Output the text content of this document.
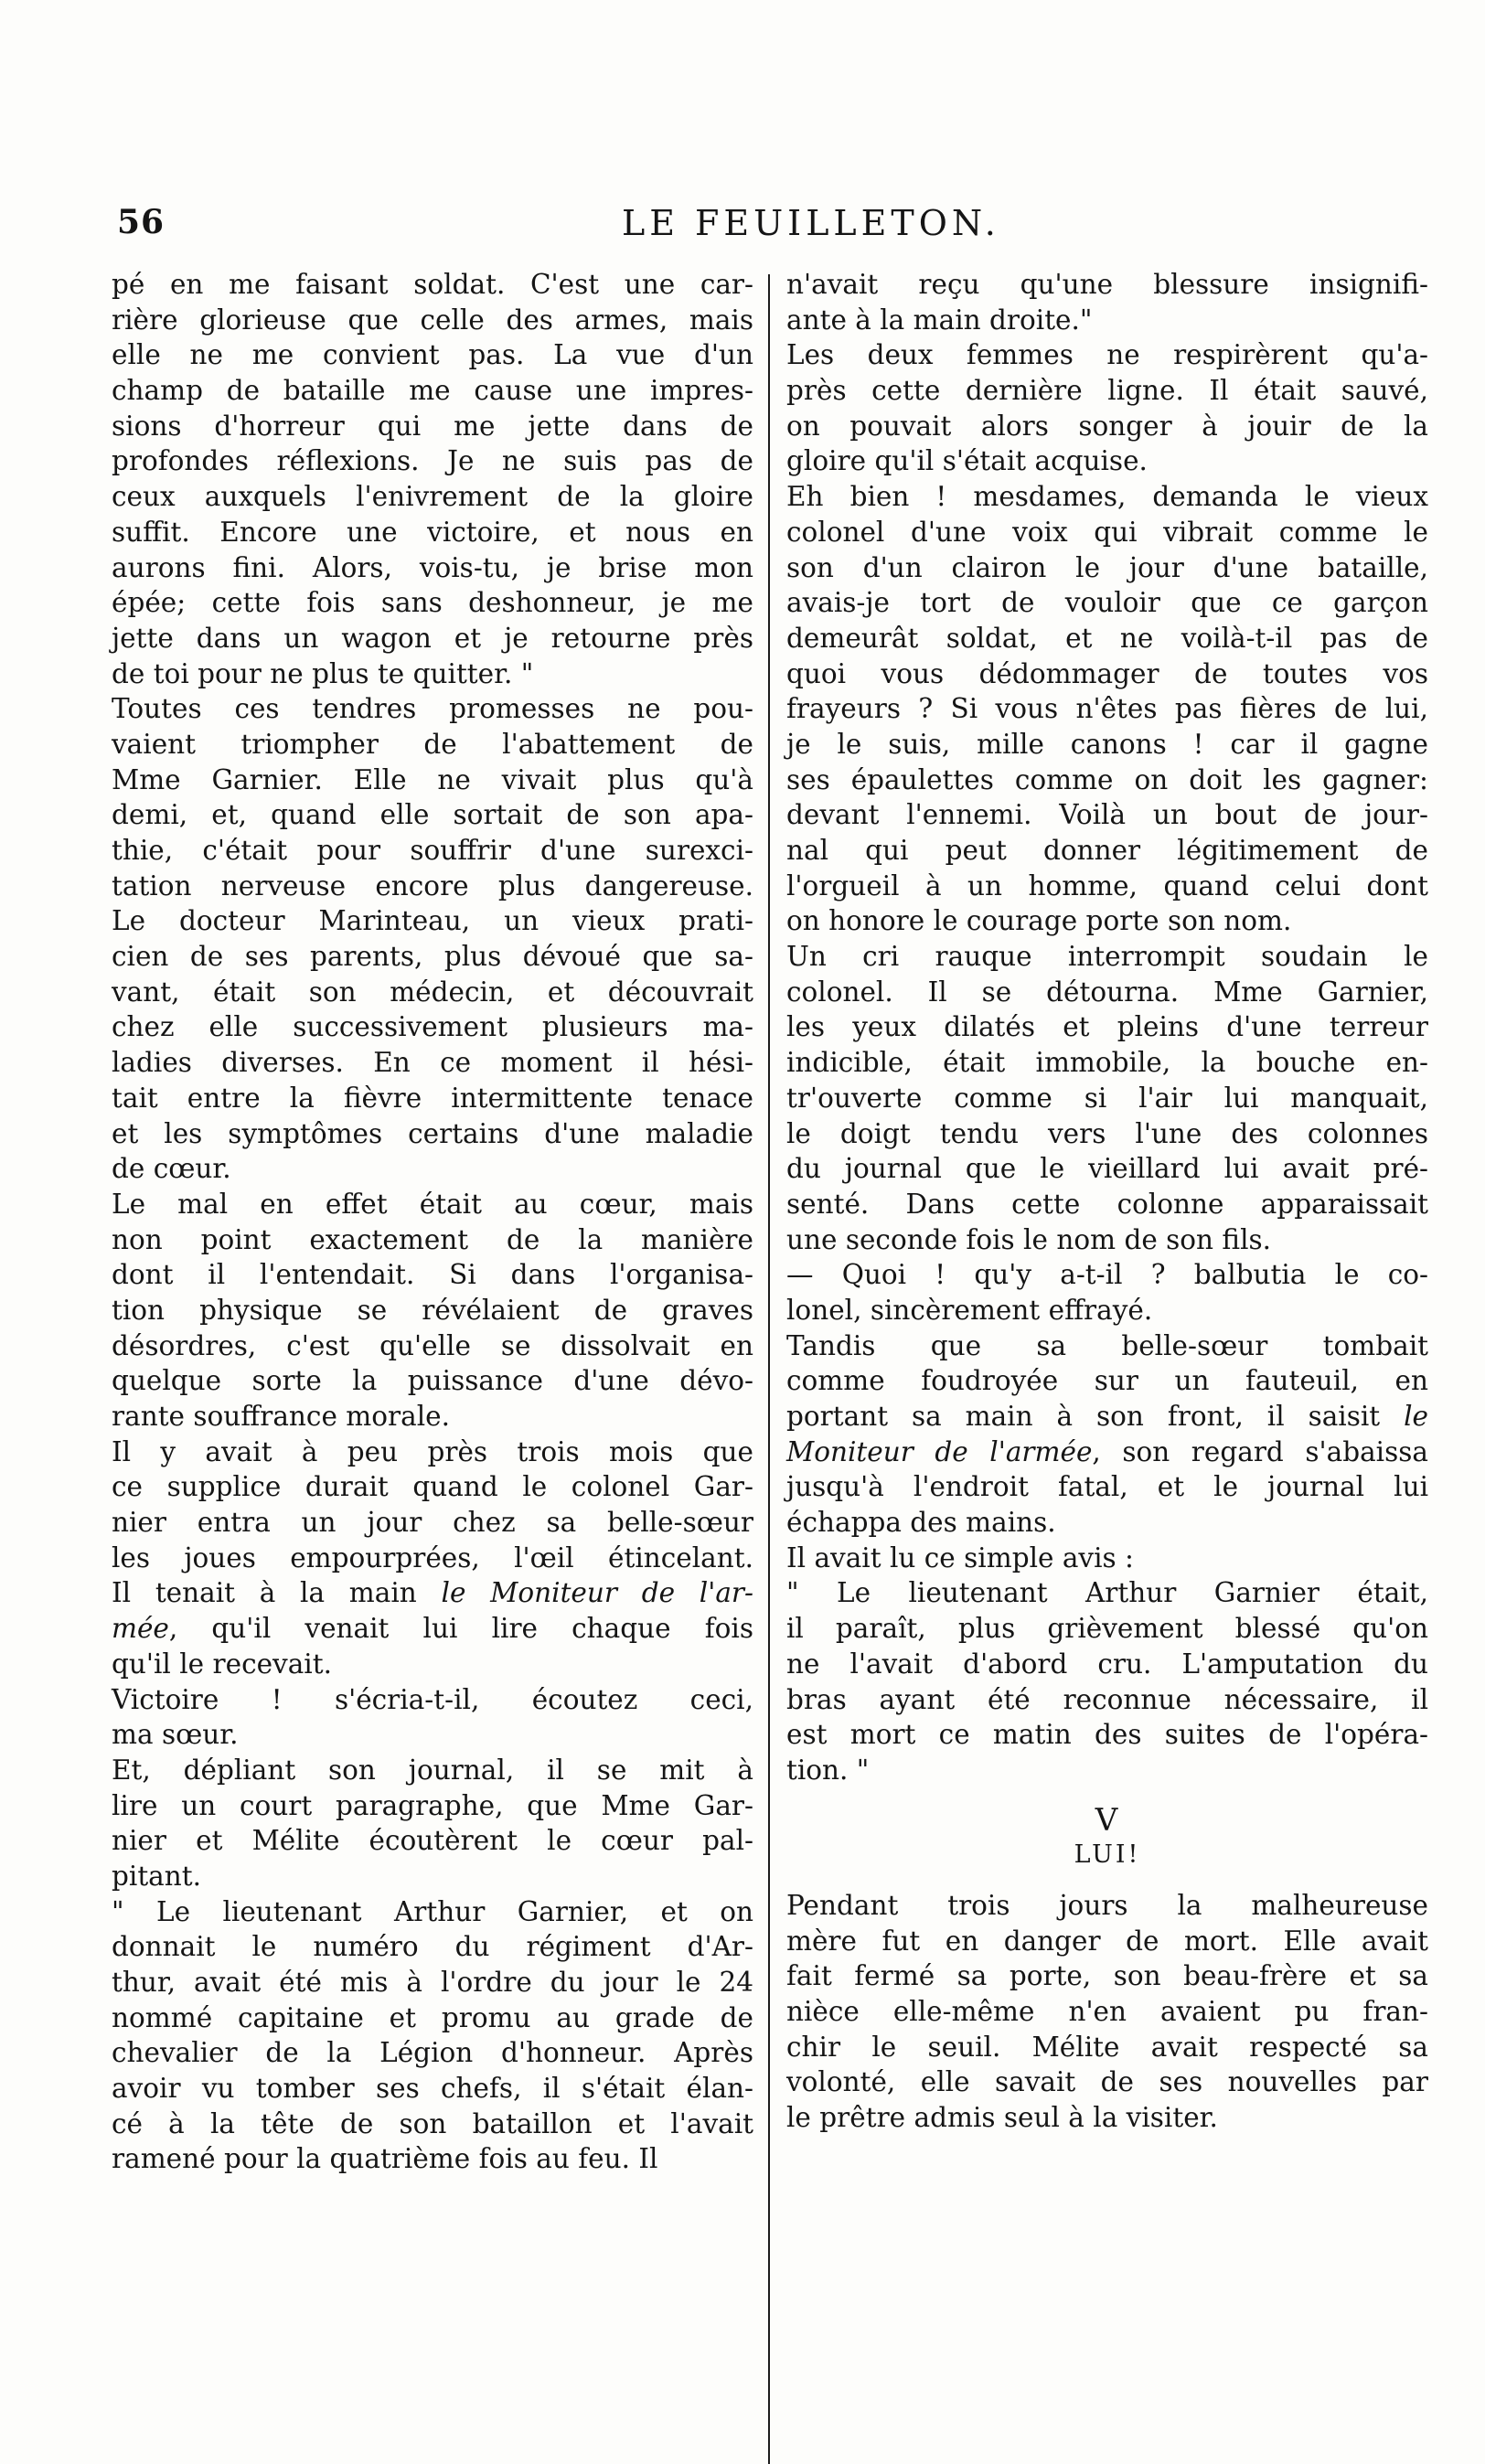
56	LE FEUILLETON.
pé en me faisant soldat. C'est une car-
rière glorieuse que celle des armes, mais
elle ne me convient pas. La vue d'un
champ de bataille me cause une impres-
sions d'horreur qui me jette dans de
profondes réflexions. Je ne suis pas de
ceux auxquels l'enivrement de la gloire
suffit. Encore une victoire, et nous en
aurons fini. Alors, vois-tu, je brise mon
épée; cette fois sans deshonneur, je me
jette dans un wagon et je retourne près
de toi pour ne plus te quitter. "
Toutes ces tendres promesses ne pou-
vaient triompher de l'abattement de
Mme Garnier. Elle ne vivait plus qu'à
demi, et, quand elle sortait de son apa-
thie, c'était pour souffrir d'une surexci-
tation nerveuse encore plus dangereuse.
Le docteur Marinteau, un vieux prati-
cien de ses parents, plus dévoué que sa-
vant, était son médecin, et découvrait
chez elle successivement plusieurs ma-
ladies diverses. En ce moment il hési-
tait entre la fièvre intermittente tenace
et les symptômes certains d'une maladie
de cœur.
Le mal en effet était au cœur, mais
non point exactement de la manière
dont il l'entendait. Si dans l'organisa-
tion physique se révélaient de graves
désordres, c'est qu'elle se dissolvait en
quelque sorte la puissance d'une dévo-
rante souffrance morale.
Il y avait à peu près trois mois que
ce supplice durait quand le colonel Gar-
nier entra un jour chez sa belle-sœur
les joues empourprées, l'œil étincelant.
Il tenait à la main le Moniteur de l'ar-
mée, qu'il venait lui lire chaque fois
qu'il le recevait.
Victoire ! s'écria-t-il, écoutez ceci,
ma sœur.
Et, dépliant son journal, il se mit à
lire un court paragraphe, que Mme Gar-
nier et Mélite écoutèrent le cœur pal-
pitant.
" Le lieutenant Arthur Garnier, et on
donnait le numéro du régiment d'Ar-
thur, avait été mis à l'ordre du jour le 24
nommé capitaine et promu au grade de
chevalier de la Légion d'honneur. Après
avoir vu tomber ses chefs, il s'était élan-
cé à la tête de son bataillon et l'avait
ramené pour la quatrième fois au feu. Il
n'avait reçu qu'une blessure insignifi-
ante à la main droite."
Les deux femmes ne respirèrent qu'a-
près cette dernière ligne. Il était sauvé,
on pouvait alors songer à jouir de la
gloire qu'il s'était acquise.
Eh bien ! mesdames, demanda le vieux
colonel d'une voix qui vibrait comme le
son d'un clairon le jour d'une bataille,
avais-je tort de vouloir que ce garçon
demeurât soldat, et ne voilà-t-il pas de
quoi vous dédommager de toutes vos
frayeurs ? Si vous n'êtes pas fières de lui,
je le suis, mille canons ! car il gagne
ses épaulettes comme on doit les gagner:
devant l'ennemi. Voilà un bout de jour-
nal qui peut donner légitimement de
l'orgueil à un homme, quand celui dont
on honore le courage porte son nom.
Un cri rauque interrompit soudain le
colonel. Il se détourna. Mme Garnier,
les yeux dilatés et pleins d'une terreur
indicible, était immobile, la bouche en-
tr'ouverte comme si l'air lui manquait,
le doigt tendu vers l'une des colonnes
du journal que le vieillard lui avait pré-
senté. Dans cette colonne apparaissait
une seconde fois le nom de son fils.
— Quoi ! qu'y a-t-il ? balbutia le co-
lonel, sincèrement effrayé.
Tandis que sa belle-sœur tombait
comme foudroyée sur un fauteuil, en
portant sa main à son front, il saisit le
Moniteur de l'armée, son regard s'abaissa
jusqu'à l'endroit fatal, et le journal lui
échappa des mains.
Il avait lu ce simple avis :
" Le lieutenant Arthur Garnier était,
il paraît, plus grièvement blessé qu'on
ne l'avait d'abord cru. L'amputation du
bras ayant été reconnue nécessaire, il
est mort ce matin des suites de l'opéra-
tion. "
V
LUI!
Pendant trois jours la malheureuse
mère fut en danger de mort. Elle avait
fait fermé sa porte, son beau-frère et sa
nièce elle-même n'en avaient pu fran-
chir le seuil. Mélite avait respecté sa
volonté, elle savait de ses nouvelles par
le prêtre admis seul à la visiter.
